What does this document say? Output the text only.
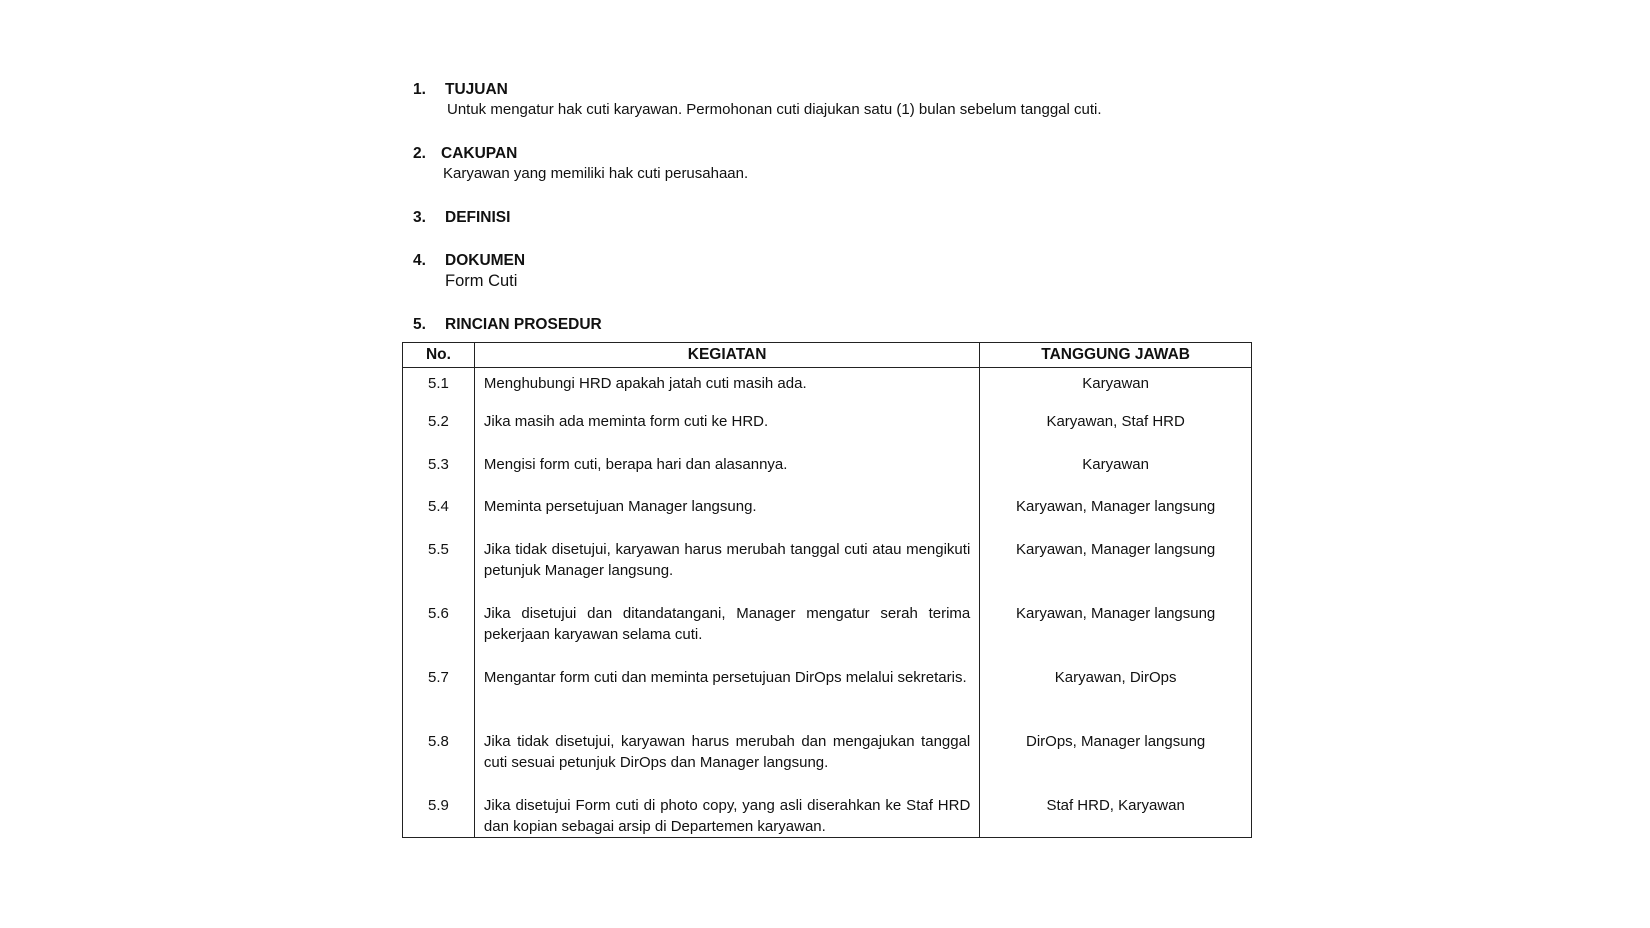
1.	TUJUAN
Untuk mengatur hak cuti karyawan. Permohonan cuti diajukan satu (1) bulan sebelum tanggal cuti.
2. CAKUPAN
Karyawan yang memiliki hak cuti perusahaan.
3.	DEFINISI
4.	DOKUMEN
Form Cuti
5.	RINCIAN PROSEDUR
No.	KEGIATAN	TANGGUNG JAWAB
5.1	Menghubungi HRD apakah jatah cuti masih ada.	Karyawan
5.2	Jika masih ada meminta form cuti ke HRD.	Karyawan, Staf HRD
5.3	Mengisi form cuti, berapa hari dan alasannya.	Karyawan
5.4	Meminta persetujuan Manager langsung.	Karyawan, Manager langsung
5.5	Jika tidak disetujui, karyawan harus merubah tanggal cuti atau mengikuti petunjuk Manager langsung.	Karyawan, Manager langsung
5.6	Jika disetujui dan ditandatangani, Manager mengatur serah terima pekerjaan karyawan selama cuti.	Karyawan, Manager langsung
5.7	Mengantar form cuti dan meminta persetujuan DirOps melalui sekretaris.	Karyawan, DirOps
5.8	Jika tidak disetujui, karyawan harus merubah dan mengajukan tanggal cuti sesuai petunjuk DirOps dan Manager langsung.	DirOps, Manager langsung
5.9	Jika disetujui Form cuti di photo copy, yang asli diserahkan ke Staf HRD dan kopian sebagai arsip di Departemen karyawan.	Staf HRD, Karyawan
